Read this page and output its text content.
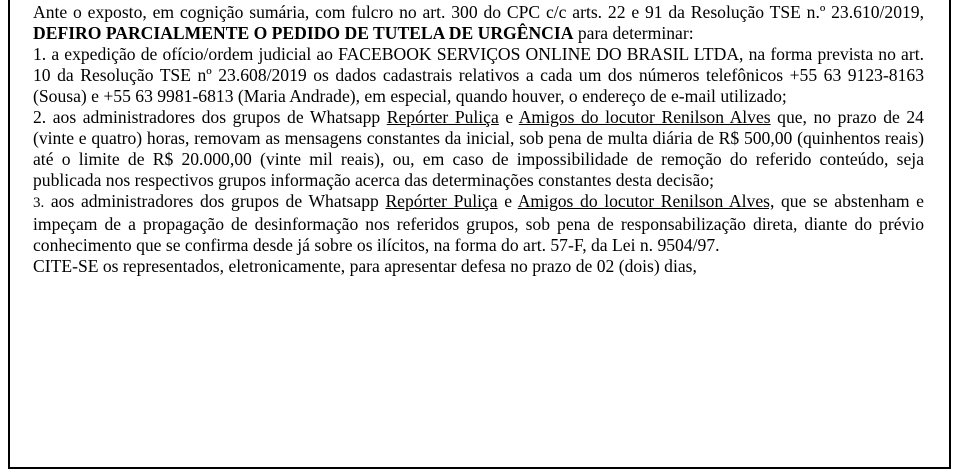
Ante o exposto, em cognição sumária, com fulcro no art. 300 do CPC c/c arts. 22 e 91 da Resolução TSE n.º 23.610/2019, DEFIRO PARCIALMENTE O PEDIDO DE TUTELA DE URGÊNCIA para determinar:

1. a expedição de ofício/ordem judicial ao FACEBOOK SERVIÇOS ONLINE DO BRASIL LTDA, na forma prevista no art. 10 da Resolução TSE nº 23.608/2019 os dados cadastrais relativos a cada um dos números telefônicos +55 63 9123-8163 (Sousa) e +55 63 9981-6813 (Maria Andrade), em especial, quando houver, o endereço de e-mail utilizado;

2. aos administradores dos grupos de Whatsapp Repórter Puliça e Amigos do locutor Renilson Alves que, no prazo de 24 (vinte e quatro) horas, removam as mensagens constantes da inicial, sob pena de multa diária de R$ 500,00 (quinhentos reais) até o limite de R$ 20.000,00 (vinte mil reais), ou, em caso de impossibilidade de remoção do referido conteúdo, seja publicada nos respectivos grupos informação acerca das determinações constantes desta decisão;

3. aos administradores dos grupos de Whatsapp Repórter Puliça e Amigos do locutor Renilson Alves, que se abstenham e impeçam de a propagação de desinformação nos referidos grupos, sob pena de responsabilização direta, diante do prévio conhecimento que se confirma desde já sobre os ilícitos, na forma do art. 57-F, da Lei n. 9504/97.

CITE-SE os representados, eletronicamente, para apresentar defesa no prazo de 02 (dois) dias,
